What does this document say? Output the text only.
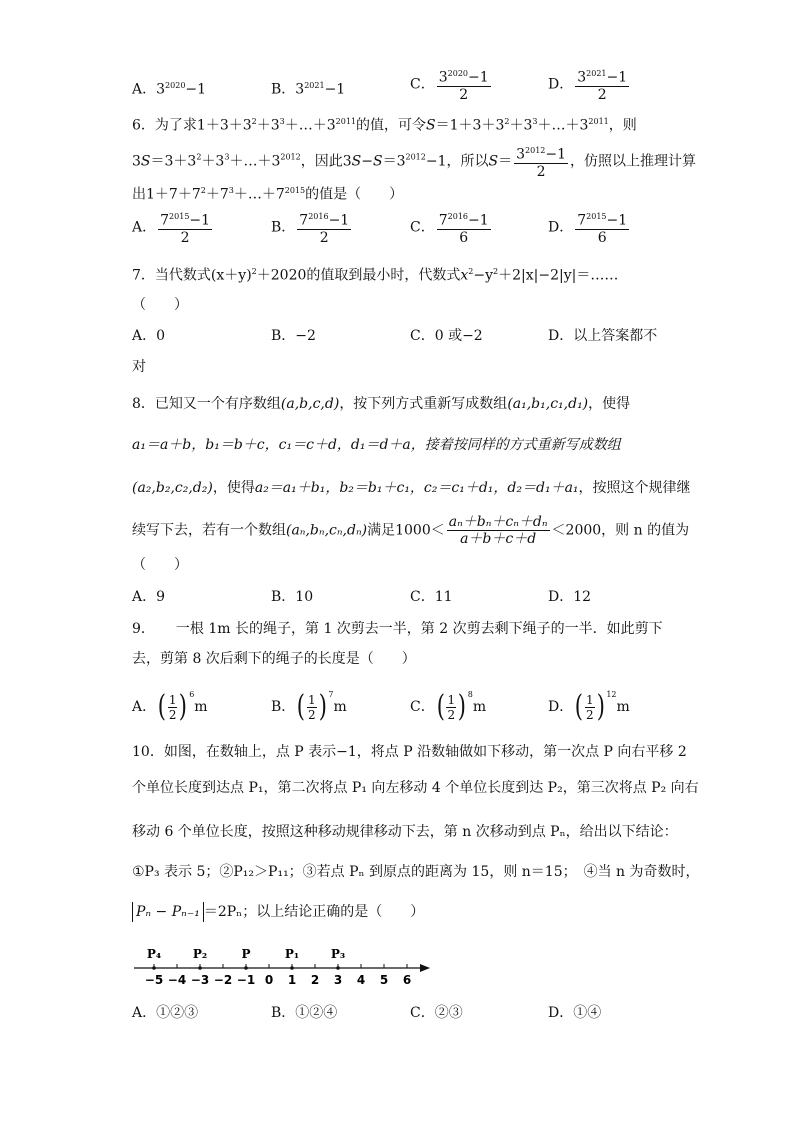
A．$3^{2020}-1$	B．$3^{2021}-1$	C． $\frac{3^{2020}-1}{2}$	D． $\frac{3^{2021}-1}{2}$
6．为了求$1+3+3^2+3^3+\dots+3^{2011}$的值，可令$S=1+3+3^2+3^3+\dots+3^{2011}$，则
$3S=3+3^2+3^3+\dots+3^{2012}$，因此$3S-S=3^{2012}-1$，所以$S= \frac{3^{2012}-1}{2}$ ，仿照以上推理计算
出$1+7+7^2+7^3+\dots+7^{2015}$的值是（　　）
A． $\frac{7^{2015}-1}{2}$	B． $\frac{7^{2016}-1}{2}$	C． $\frac{7^{2016}-1}{6}$	D． $\frac{7^{2015}-1}{6}$
7．当代数式$(x+y)^2+2020$的值取到最小时，代数式$x^2-y^2+2|x|-2|y|=\dots\dots$
（　　）
A．0	B．−2	C．0 或−2	D．以上答案都不
对
8．已知又一个有序数组(a,b,c,d)，按下列方式重新写成数组(a₁,b₁,c₁,d₁)，使得
a₁＝a＋b，b₁＝b＋c，c₁＝c＋d，d₁＝d＋a，接着按同样的方式重新写成数组
(a₂,b₂,c₂,d₂)，使得a₂＝a₁＋b₁，b₂＝b₁＋c₁，c₂＝c₁＋d₁，d₂＝d₁＋a₁，按照这个规律继
续写下去，若有一个数组(aₙ,bₙ,cₙ,dₙ)满足$1000< \frac{\text{aₙ＋bₙ＋cₙ＋dₙ}}{a+b+c+d} <2000$，则 n 的值为
（　　）
A．9	B．10	C．11	D．12
9．　　一根 1m 长的绳子，第 1 次剪去一半，第 2 次剪去剩下绳子的一半．如此剪下
去，剪第 8 次后剩下的绳子的长度是（　　）
A．( $\frac{1}{2}$ ) $^6$m	B．( $\frac{1}{2}$ ) $^7$m	C．( $\frac{1}{2}$ ) $^8$m	D．( $\frac{1}{2}$ ) $^{12}$m
10．如图，在数轴上，点 P 表示−1，将点 P 沿数轴做如下移动，第一次点 P 向右平移 2
个单位长度到达点 P₁，第二次将点 P₁ 向左移动 4 个单位长度到达 P₂，第三次将点 P₂ 向右
移动 6 个单位长度，按照这种移动规律移动下去，第 n 次移动到点 Pₙ，给出以下结论：
①P₃ 表示 5；②P₁₂＞P₁₁；③若点 Pₙ 到原点的距离为 15，则 n＝15；　④当 n 为奇数时，
Pₙ − Pₙ₋₁ ＝2Pₙ；以上结论正确的是（　　）
−5 −4 −3 −2 −1 0 1 2 3 4 5 6
P₄	P₂	P	P₁	P₃
A．①②③	B．①②④	C．②③	D．①④
